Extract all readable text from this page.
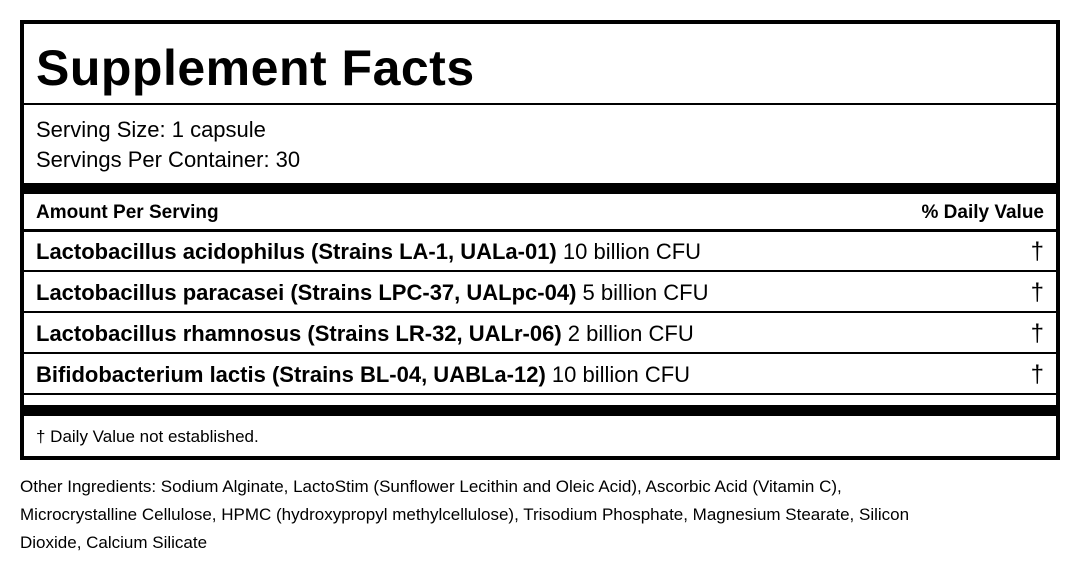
Supplement Facts
Serving Size: 1 capsule
Servings Per Container: 30
Amount Per Serving	% Daily Value
Lactobacillus acidophilus (Strains LA-1, UALa-01) 10 billion CFU	†
Lactobacillus paracasei (Strains LPC-37, UALpc-04) 5 billion CFU	†
Lactobacillus rhamnosus (Strains LR-32, UALr-06) 2 billion CFU	†
Bifidobacterium lactis (Strains BL-04, UABLa-12) 10 billion CFU	†
† Daily Value not established.
Other Ingredients: Sodium Alginate, LactoStim (Sunflower Lecithin and Oleic Acid), Ascorbic Acid (Vitamin C),
Microcrystalline Cellulose, HPMC (hydroxypropyl methylcellulose), Trisodium Phosphate, Magnesium Stearate, Silicon
Dioxide, Calcium Silicate
